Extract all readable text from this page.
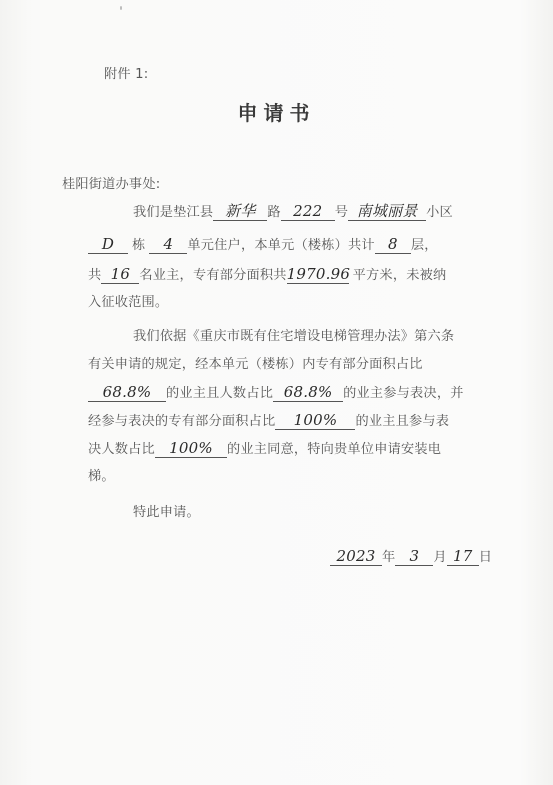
附件 1:
申请书
桂阳街道办事处:
我们是垫江县 新华 路 222 号 南城丽景 小区
D 栋 4 单元住户，本单元（楼栋）共计 8 层，
共 16 名业主，专有部分面积共1970.96 平方米，未被纳
入征收范围。
我们依据《重庆市既有住宅增设电梯管理办法》第六条
有关申请的规定，经本单元（楼栋）内专有部分面积占比
68.8% 的业主且人数占比 68.8% 的业主参与表决，并
经参与表决的专有部分面积占比 100% 的业主且参与表
决人数占比 100% 的业主同意，特向贵单位申请安装电
梯。
特此申请。
2023 年 3 月 17 日
